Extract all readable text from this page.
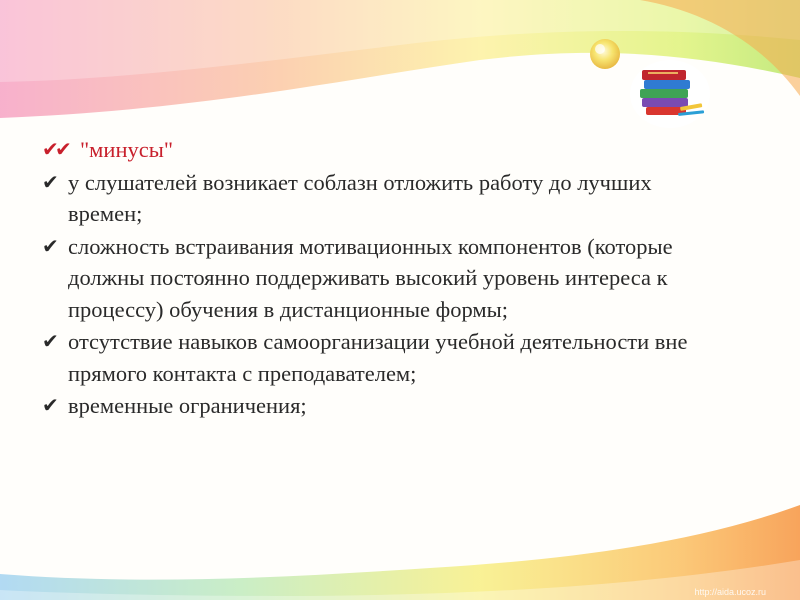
✔
✔ "минусы"
✔ у слушателей возникает соблазн отложить работу до лучших времен;
✔ сложность встраивания мотивационных компонентов (которые должны постоянно поддерживать высокий уровень интереса к процессу) обучения в дистанционные формы;
✔ отсутствие навыков самоорганизации учебной деятельности вне прямого контакта с преподавателем;
✔ временные ограничения;
http://aida.ucoz.ru
